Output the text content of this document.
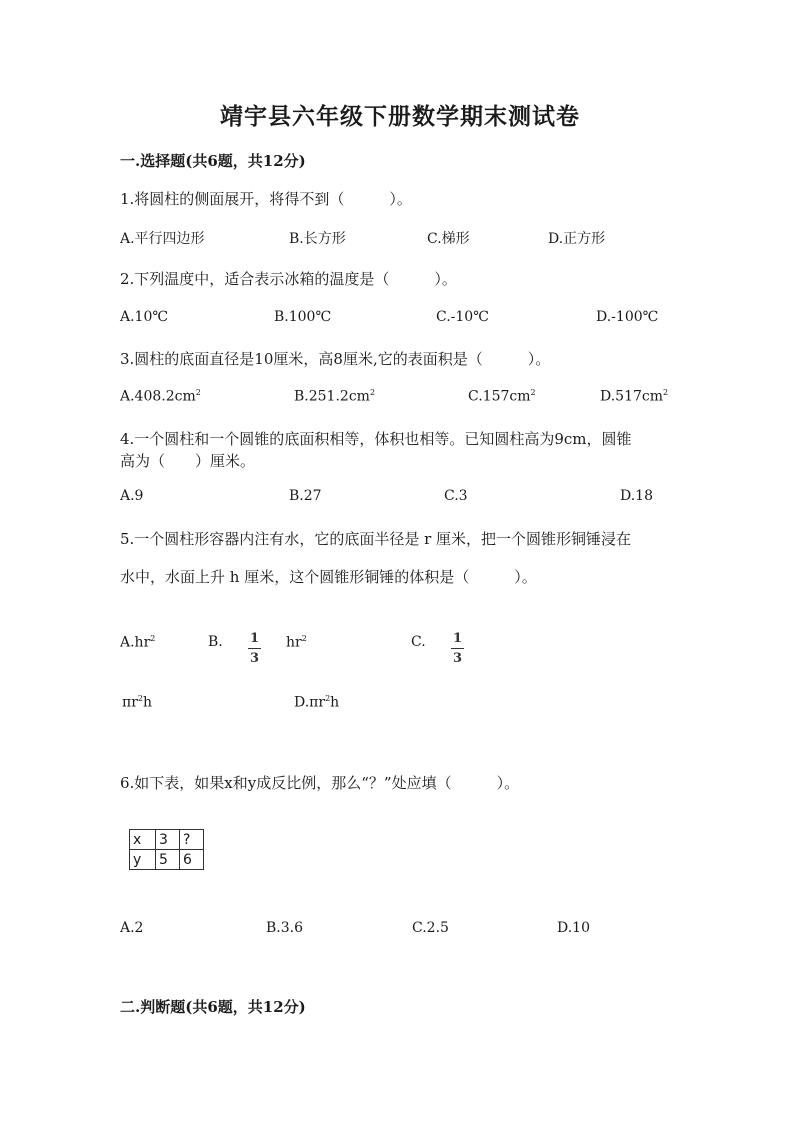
靖宇县六年级下册数学期末测试卷
一.选择题(共6题，共12分)
1.将圆柱的侧面展开，将得不到（　　　）。
A.平行四边形	B.长方形	C.梯形	D.正方形
2.下列温度中，适合表示冰箱的温度是（　　　）。
A.10℃	B.100℃	C.-10℃	D.-100℃
3.圆柱的底面直径是10厘米，高8厘米,它的表面积是（　　　）。
$A.408.2cm^2$	$B.251.2cm^2$	$C.157cm^2$	$D.517cm^2$
4.一个圆柱和一个圆锥的底面积相等，体积也相等。已知圆柱高为9cm，圆锥
高为（　　）厘米。
A.9	B.27	C.3	D.18
5.一个圆柱形容器内注有水，它的底面半径是 r 厘米，把一个圆锥形铜锤浸在
水中，水面上升 h 厘米，这个圆锥形铜锤的体积是（　　　）。
$A.hr^2$	B. $\frac{1}{3} hr^2$	C. $\frac{1}{3}$
$\pi r^2h$	$D.\pi r^2h$
6.如下表，如果x和y成反比例，那么“？”处应填（　　　）。
x	3	?
y	5	6
A.2	B.3.6	C.2.5	D.10
二.判断题(共6题，共12分)
